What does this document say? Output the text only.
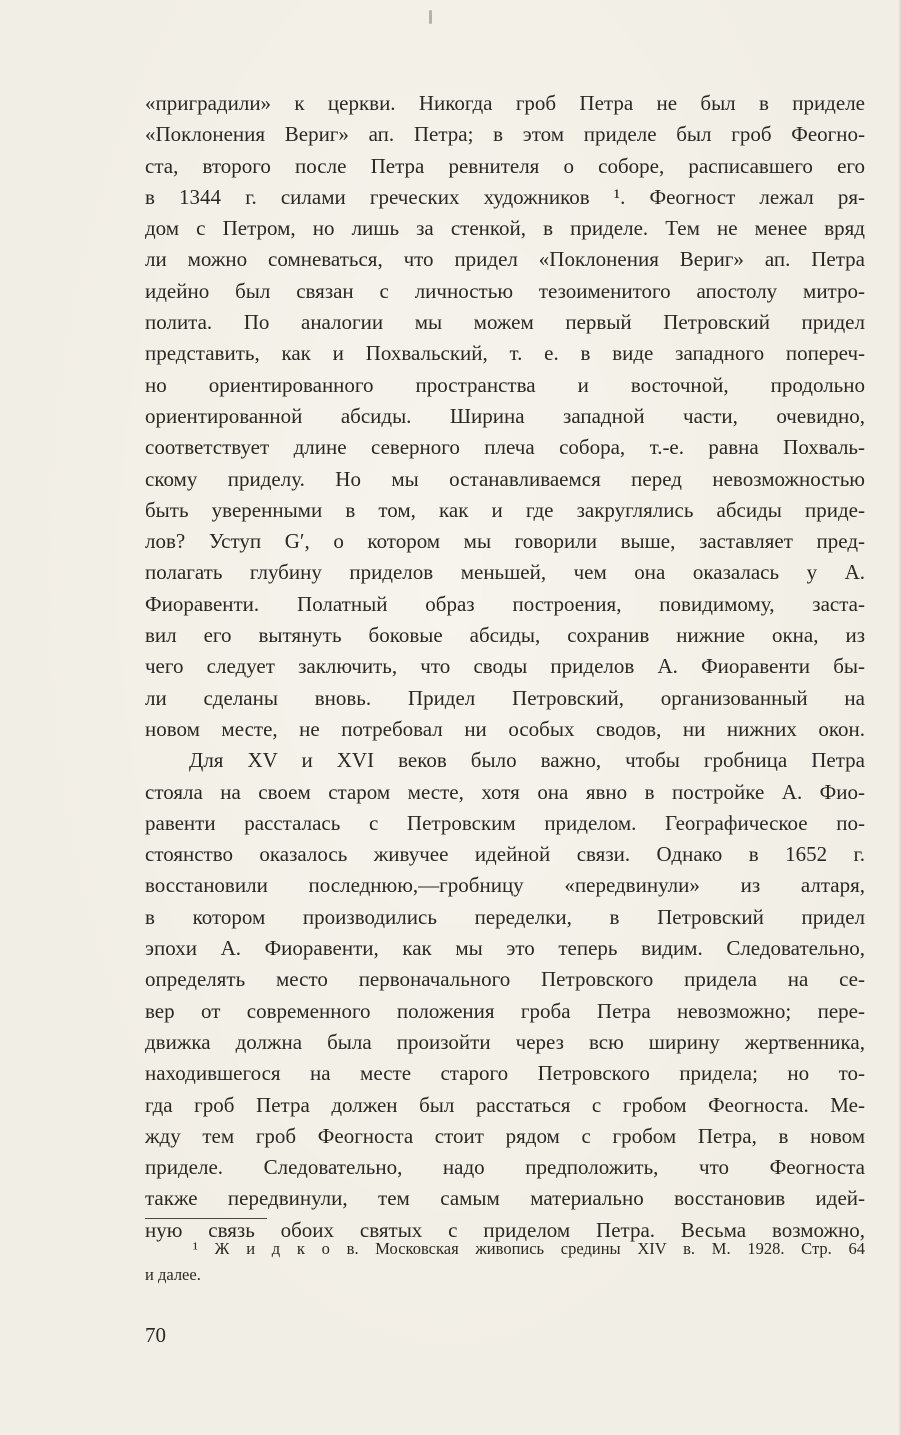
«приградили» к церкви. Никогда гроб Петра не был в приделе
«Поклонения Вериг» ап. Петра; в этом приделе был гроб Феогно-
ста, второго после Петра ревнителя о соборе, расписавшего его
в 1344 г. силами греческих художников ¹. Феогност лежал ря-
дом с Петром, но лишь за стенкой, в приделе. Тем не менее вряд
ли можно сомневаться, что придел «Поклонения Вериг» ап. Петра
идейно был связан с личностью тезоименитого апостолу митро-
полита. По аналогии мы можем первый Петровский придел
представить, как и Похвальский, т. е. в виде западного попереч-
но ориентированного пространства и восточной, продольно
ориентированной абсиды. Ширина западной части, очевидно,
соответствует длине северного плеча собора, т.-е. равна Похваль-
скому приделу. Но мы останавливаемся перед невозможностью
быть уверенными в том, как и где закруглялись абсиды приде-
лов? Уступ G′, о котором мы говорили выше, заставляет пред-
полагать глубину приделов меньшей, чем она оказалась у А.
Фиоравенти. Полатный образ построения, повидимому, заста-
вил его вытянуть боковые абсиды, сохранив нижние окна, из
чего следует заключить, что своды приделов А. Фиоравенти бы-
ли сделаны вновь. Придел Петровский, организованный на
новом месте, не потребовал ни особых сводов, ни нижних окон.
Для XV и XVI веков было важно, чтобы гробница Петра
стояла на своем старом месте, хотя она явно в постройке А. Фио-
равенти рассталась с Петровским приделом. Географическое по-
стоянство оказалось живучее идейной связи. Однако в 1652 г.
восстановили последнюю,—гробницу «передвинули» из алтаря,
в котором производились переделки, в Петровский придел
эпохи А. Фиоравенти, как мы это теперь видим. Следовательно,
определять место первоначального Петровского придела на се-
вер от современного положения гроба Петра невозможно; пере-
движка должна была произойти через всю ширину жертвенника,
находившегося на месте старого Петровского придела; но то-
гда гроб Петра должен был расстаться с гробом Феогноста. Ме-
жду тем гроб Феогноста стоит рядом с гробом Петра, в новом
приделе. Следовательно, надо предположить, что Феогноста
также передвинули, тем самым материально восстановив идей-
ную связь обоих святых с приделом Петра. Весьма возможно,
¹ Ж и д к о в. Московская живопись средины XIV в. М. 1928. Стр. 64
и далее.
70
